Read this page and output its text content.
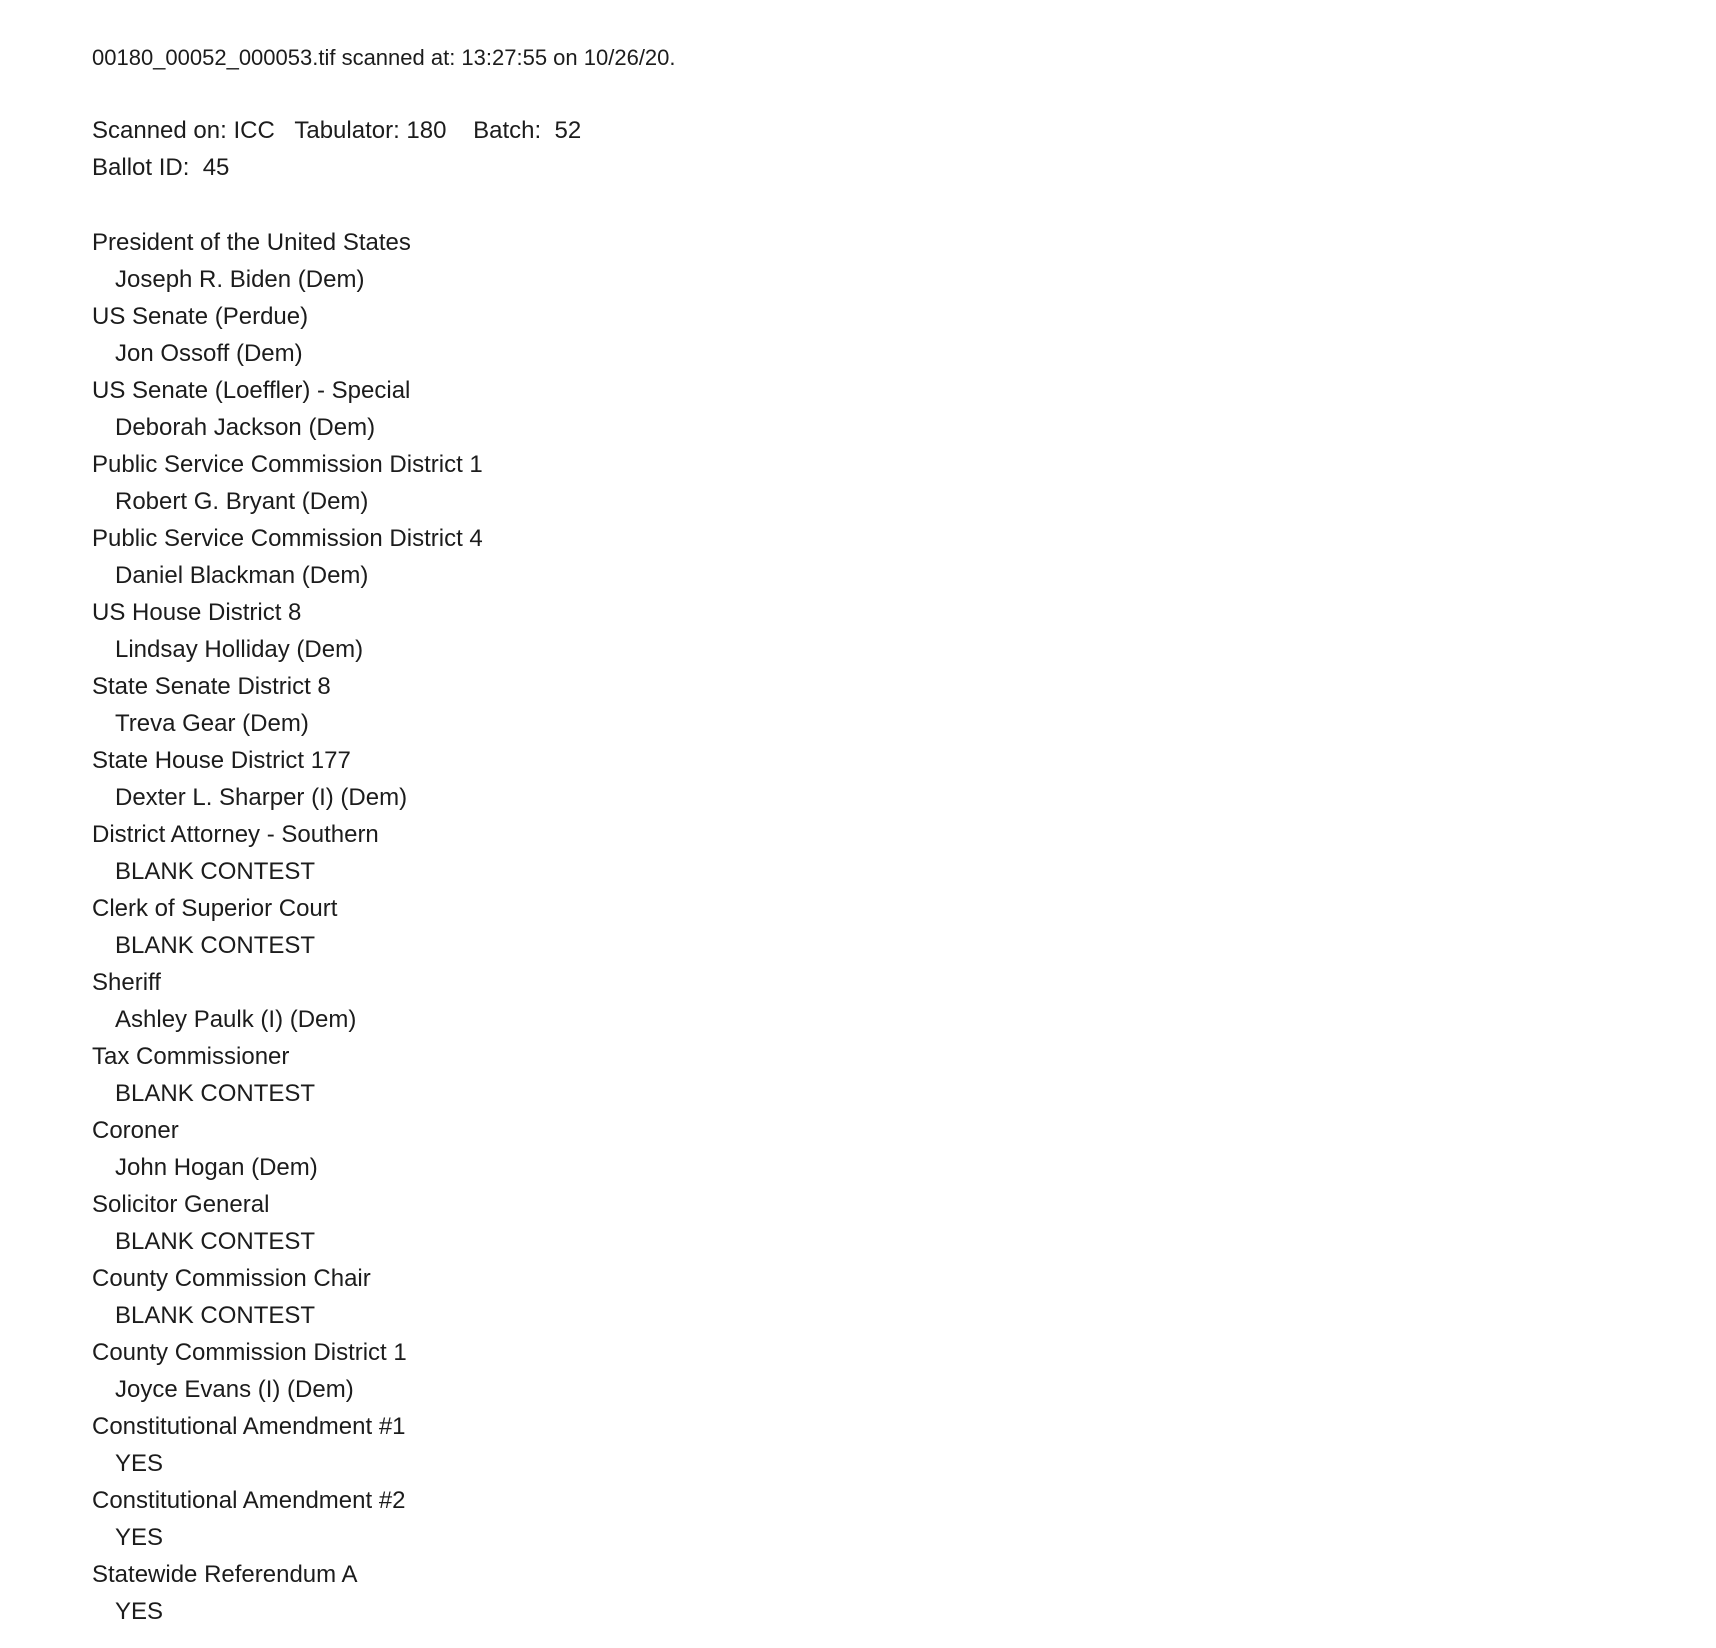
00180_00052_000053.tif scanned at: 13:27:55 on 10/26/20.
Scanned on: ICC   Tabulator: 180    Batch:  52
Ballot ID:  45
President of the United States
Joseph R. Biden (Dem)
US Senate (Perdue)
Jon Ossoff (Dem)
US Senate (Loeffler) - Special
Deborah Jackson (Dem)
Public Service Commission District 1
Robert G. Bryant (Dem)
Public Service Commission District 4
Daniel Blackman (Dem)
US House District 8
Lindsay Holliday (Dem)
State Senate District 8
Treva Gear (Dem)
State House District 177
Dexter L. Sharper (I) (Dem)
District Attorney - Southern
BLANK CONTEST
Clerk of Superior Court
BLANK CONTEST
Sheriff
Ashley Paulk (I) (Dem)
Tax Commissioner
BLANK CONTEST
Coroner
John Hogan (Dem)
Solicitor General
BLANK CONTEST
County Commission Chair
BLANK CONTEST
County Commission District 1
Joyce Evans (I) (Dem)
Constitutional Amendment #1
YES
Constitutional Amendment #2
YES
Statewide Referendum A
YES
